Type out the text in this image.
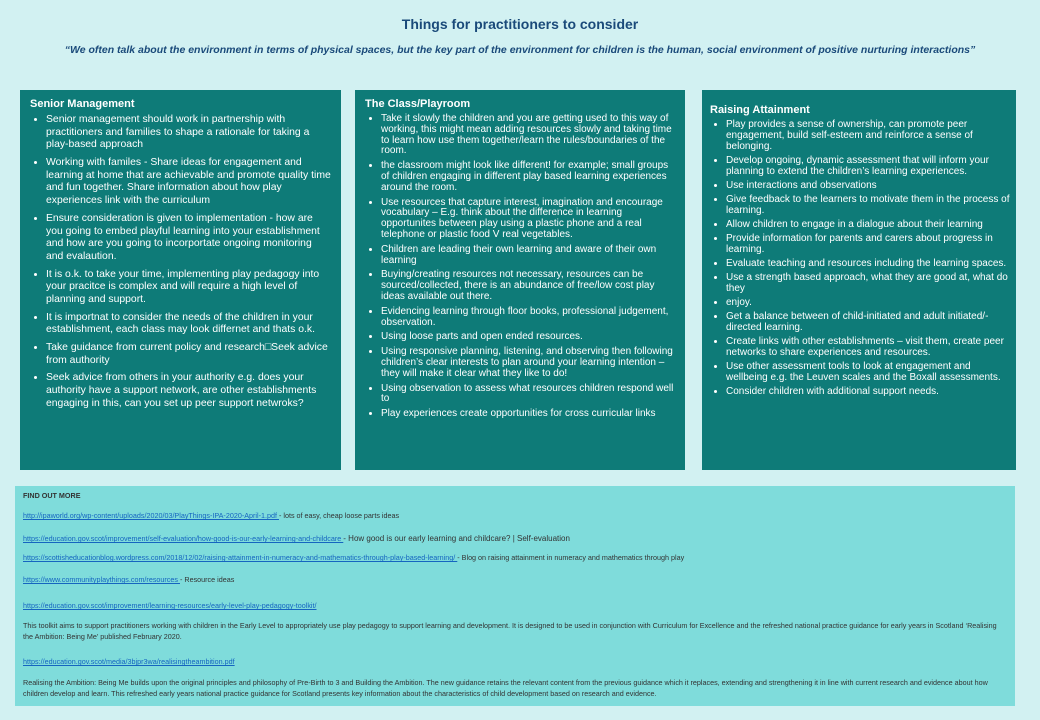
Things for practitioners to consider
“We often talk about the environment in terms of physical spaces, but the key part of the environment for children is the human, social environment of positive nurturing interactions”
Senior Management
• Senior management should work in partnership with practitioners and families to shape a rationale for taking a play-based approach
• Working with familes - Share ideas for engagement and learning at home that are achievable and promote quality time and fun together. Share information about how play experiences link with the curriculum
• Ensure consideration is given to implementation - how are you going to embed playful learning into your establishment and how are you going to incorportate ongoing monitoring and evalaution.
• It is o.k. to take your time, implementing play pedagogy into your pracitce is complex and will require a high level of planning and support.
• It is importnat to consider the needs of the children in your establishment, each class may look differnet and thats o.k.
• Take guidance from current policy and research□Seek advice from authority
• Seek advice from others in your authority e.g. does your authority have a support network, are other establishments engaging in this, can you set up peer support netwroks?
The Class/Playroom
• Take it slowly the children and you are getting used to this way of working, this might mean adding resources slowly and taking time to learn how use them together/learn the rules/boundaries of the room.
• the classroom might look like different! for example; small groups of children engaging in different play based learning experiences around the room.
• Use resources that capture interest, imagination and encourage vocabulary – E.g. think about the difference in learning opportunites between play using a plastic phone and a real telephone or plastic food V real vegetables.
• Children are leading their own learning and aware of their own learning
• Buying/creating resources not necessary, resources can be sourced/collected, there is an abundance of free/low cost play ideas available out there.
• Evidencing learning through floor books, professional judgement, observation.
• Using loose parts and open ended resources.
• Using responsive planning, listening, and observing then following children’s clear interests to plan around your learning intention – they will make it clear what they like to do!
• Using observation to assess what resources children respond well to
• Play experiences create opportunities for cross curricular links
Raising Attainment
• Play provides a sense of ownership, can promote peer engagement, build self-esteem and reinforce a sense of belonging.
• Develop ongoing, dynamic assessment that will inform your planning to extend the children’s learning experiences.
• Use interactions and observations
• Give feedback to the learners to motivate them in the process of learning.
• Allow children to engage in a dialogue about their learning
• Provide information for parents and carers about progress in learning.
• Evaluate teaching and resources including the learning spaces.
• Use a strength based approach, what they are good at, what do they
• enjoy.
• Get a balance between of child-initiated and adult initiated/-directed learning.
• Create links with other establishments – visit them, create peer networks to share experiences and resources.
• Use other assessment tools to look at engagement and wellbeing e.g. the Leuven scales and the Boxall assessments.
• Consider children with additional support needs.
FIND OUT MORE
http://ipaworld.org/wp-content/uploads/2020/03/PlayThings-IPA-2020-April-1.pdf - lots of easy, cheap loose parts ideas
https://education.gov.scot/improvement/self-evaluation/how-good-is-our-early-learning-and-childcare - How good is our early learning and childcare? | Self-evaluation
https://scottisheducationblog.wordpress.com/2018/12/02/raising-attainment-in-numeracy-and-mathematics-through-play-based-learning/ - Blog on raising attainment in numeracy and mathematics through play
https://www.communityplaythings.com/resources - Resource ideas
https://education.gov.scot/improvement/learning-resources/early-level-play-pedagogy-toolkit/
This toolkit aims to support practitioners working with children in the Early Level to appropriately use play pedagogy to support learning and development. It is designed to be used in conjunction with Curriculum for Excellence and the refreshed national practice guidance for early years in Scotland ‘Realising the Ambition: Being Me’ published February 2020.
https://education.gov.scot/media/3bjpr3wa/realisingtheambition.pdf
Realising the Ambition: Being Me builds upon the original principles and philosophy of Pre-Birth to 3 and Building the Ambition. The new guidance retains the relevant content from the previous guidance which it replaces, extending and strengthening it in line with current research and evidence about how children develop and learn. This refreshed early years national practice guidance for Scotland presents key information about the characteristics of child development based on research and evidence.
